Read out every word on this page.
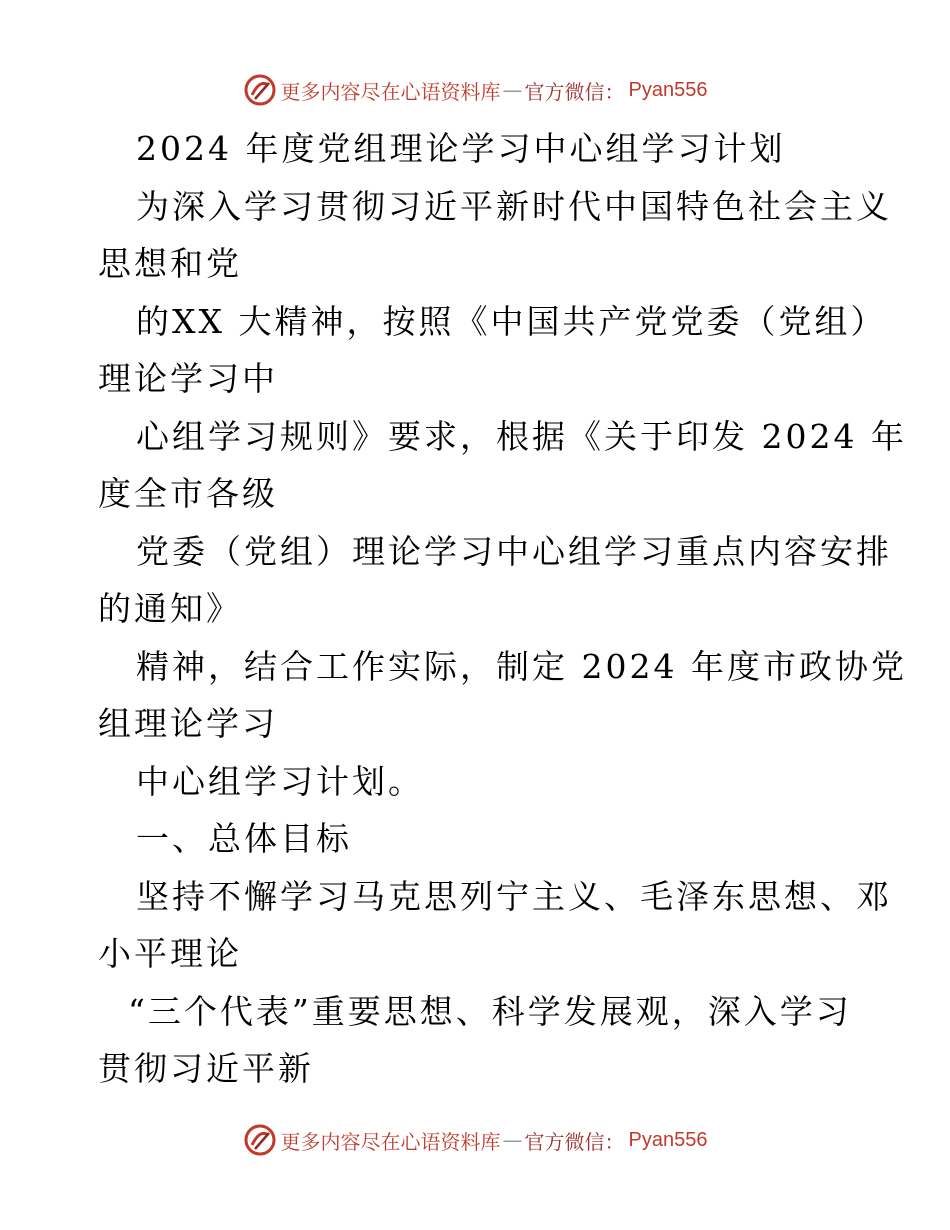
更多内容尽在心语资料库 — 官方微信： Pyan556
2024 年度党组理论学习中心组学习计划
为深入学习贯彻习近平新时代中国特色社会主义
思想和党
的XX 大精神，按照《中国共产党党委（党组）
理论学习中
心组学习规则》要求，根据《关于印发 2024 年
度全市各级
党委（党组）理论学习中心组学习重点内容安排
的通知》
精神，结合工作实际，制定 2024 年度市政协党
组理论学习
中心组学习计划。
一、总体目标
坚持不懈学习马克思列宁主义、毛泽东思想、邓
小平理论
“三个代表”重要思想、科学发展观，深入学习
贯彻习近平新
更多内容尽在心语资料库 — 官方微信： Pyan556
